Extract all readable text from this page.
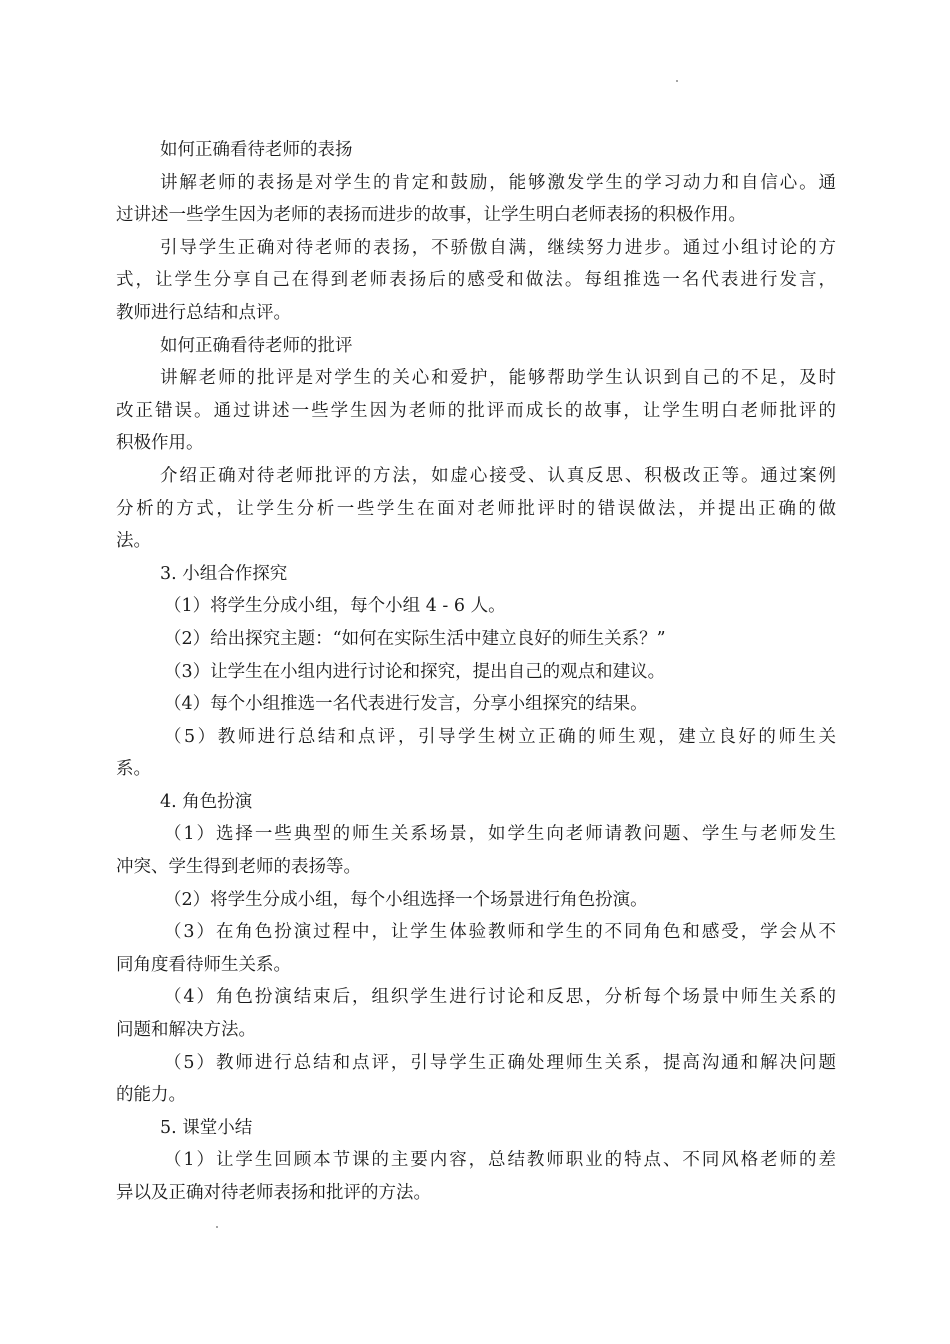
如何正确看待老师的表扬
讲解老师的表扬是对学生的肯定和鼓励，能够激发学生的学习动力和自信心。通
过讲述一些学生因为老师的表扬而进步的故事，让学生明白老师表扬的积极作用。
引导学生正确对待老师的表扬，不骄傲自满，继续努力进步。通过小组讨论的方
式，让学生分享自己在得到老师表扬后的感受和做法。每组推选一名代表进行发言，
教师进行总结和点评。
如何正确看待老师的批评
讲解老师的批评是对学生的关心和爱护，能够帮助学生认识到自己的不足，及时
改正错误。通过讲述一些学生因为老师的批评而成长的故事，让学生明白老师批评的
积极作用。
介绍正确对待老师批评的方法，如虚心接受、认真反思、积极改正等。通过案例
分析的方式，让学生分析一些学生在面对老师批评时的错误做法，并提出正确的做
法。
3. 小组合作探究
（1）将学生分成小组，每个小组 4 - 6 人。
（2）给出探究主题：“如何在实际生活中建立良好的师生关系？”
（3）让学生在小组内进行讨论和探究，提出自己的观点和建议。
（4）每个小组推选一名代表进行发言，分享小组探究的结果。
（5）教师进行总结和点评，引导学生树立正确的师生观，建立良好的师生关
系。
4. 角色扮演
（1）选择一些典型的师生关系场景，如学生向老师请教问题、学生与老师发生
冲突、学生得到老师的表扬等。
（2）将学生分成小组，每个小组选择一个场景进行角色扮演。
（3）在角色扮演过程中，让学生体验教师和学生的不同角色和感受，学会从不
同角度看待师生关系。
（4）角色扮演结束后，组织学生进行讨论和反思，分析每个场景中师生关系的
问题和解决方法。
（5）教师进行总结和点评，引导学生正确处理师生关系，提高沟通和解决问题
的能力。
5. 课堂小结
（1）让学生回顾本节课的主要内容，总结教师职业的特点、不同风格老师的差
异以及正确对待老师表扬和批评的方法。
